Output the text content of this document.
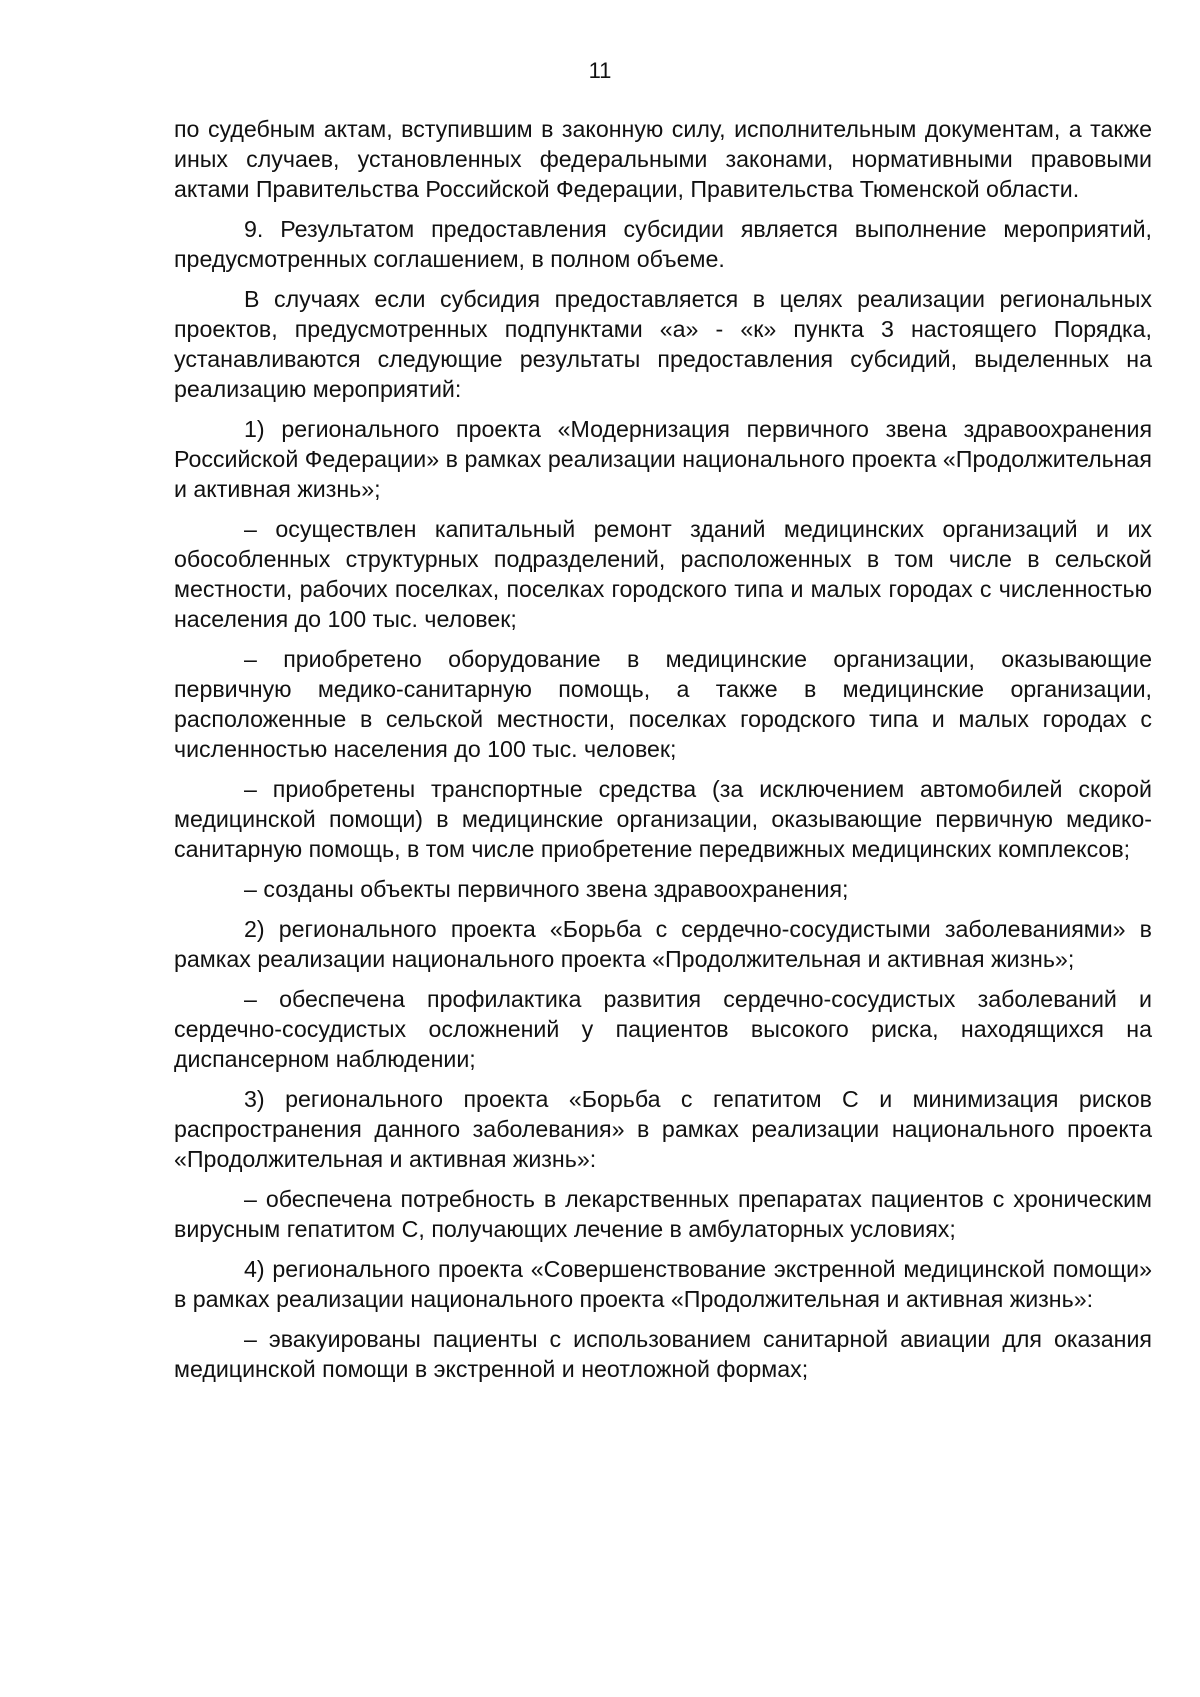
11

по судебным актам, вступившим в законную силу, исполнительным документам, а также иных случаев, установленных федеральными законами, нормативными правовыми актами Правительства Российской Федерации, Правительства Тюменской области.

9. Результатом предоставления субсидии является выполнение мероприятий, предусмотренных соглашением, в полном объеме.

В случаях если субсидия предоставляется в целях реализации региональных проектов, предусмотренных подпунктами «а» - «к» пункта 3 настоящего Порядка, устанавливаются следующие результаты предоставления субсидий, выделенных на реализацию мероприятий:

1) регионального проекта «Модернизация первичного звена здравоохранения Российской Федерации» в рамках реализации национального проекта «Продолжительная и активная жизнь»;

– осуществлен капитальный ремонт зданий медицинских организаций и их обособленных структурных подразделений, расположенных в том числе в сельской местности, рабочих поселках, поселках городского типа и малых городах с численностью населения до 100 тыс. человек;

– приобретено оборудование в медицинские организации, оказывающие первичную медико-санитарную помощь, а также в медицинские организации, расположенные в сельской местности, поселках городского типа и малых городах с численностью населения до 100 тыс. человек;

– приобретены транспортные средства (за исключением автомобилей скорой медицинской помощи) в медицинские организации, оказывающие первичную медико-санитарную помощь, в том числе приобретение передвижных медицинских комплексов;

– созданы объекты первичного звена здравоохранения;

2) регионального проекта «Борьба с сердечно-сосудистыми заболеваниями» в рамках реализации национального проекта «Продолжительная и активная жизнь»;

– обеспечена профилактика развития сердечно-сосудистых заболеваний и сердечно-сосудистых осложнений у пациентов высокого риска, находящихся на диспансерном наблюдении;

3) регионального проекта «Борьба с гепатитом С и минимизация рисков распространения данного заболевания» в рамках реализации национального проекта «Продолжительная и активная жизнь»:

– обеспечена потребность в лекарственных препаратах пациентов с хроническим вирусным гепатитом С, получающих лечение в амбулаторных условиях;

4) регионального проекта «Совершенствование экстренной медицинской помощи» в рамках реализации национального проекта «Продолжительная и активная жизнь»:

– эвакуированы пациенты с использованием санитарной авиации для оказания медицинской помощи в экстренной и неотложной формах;
